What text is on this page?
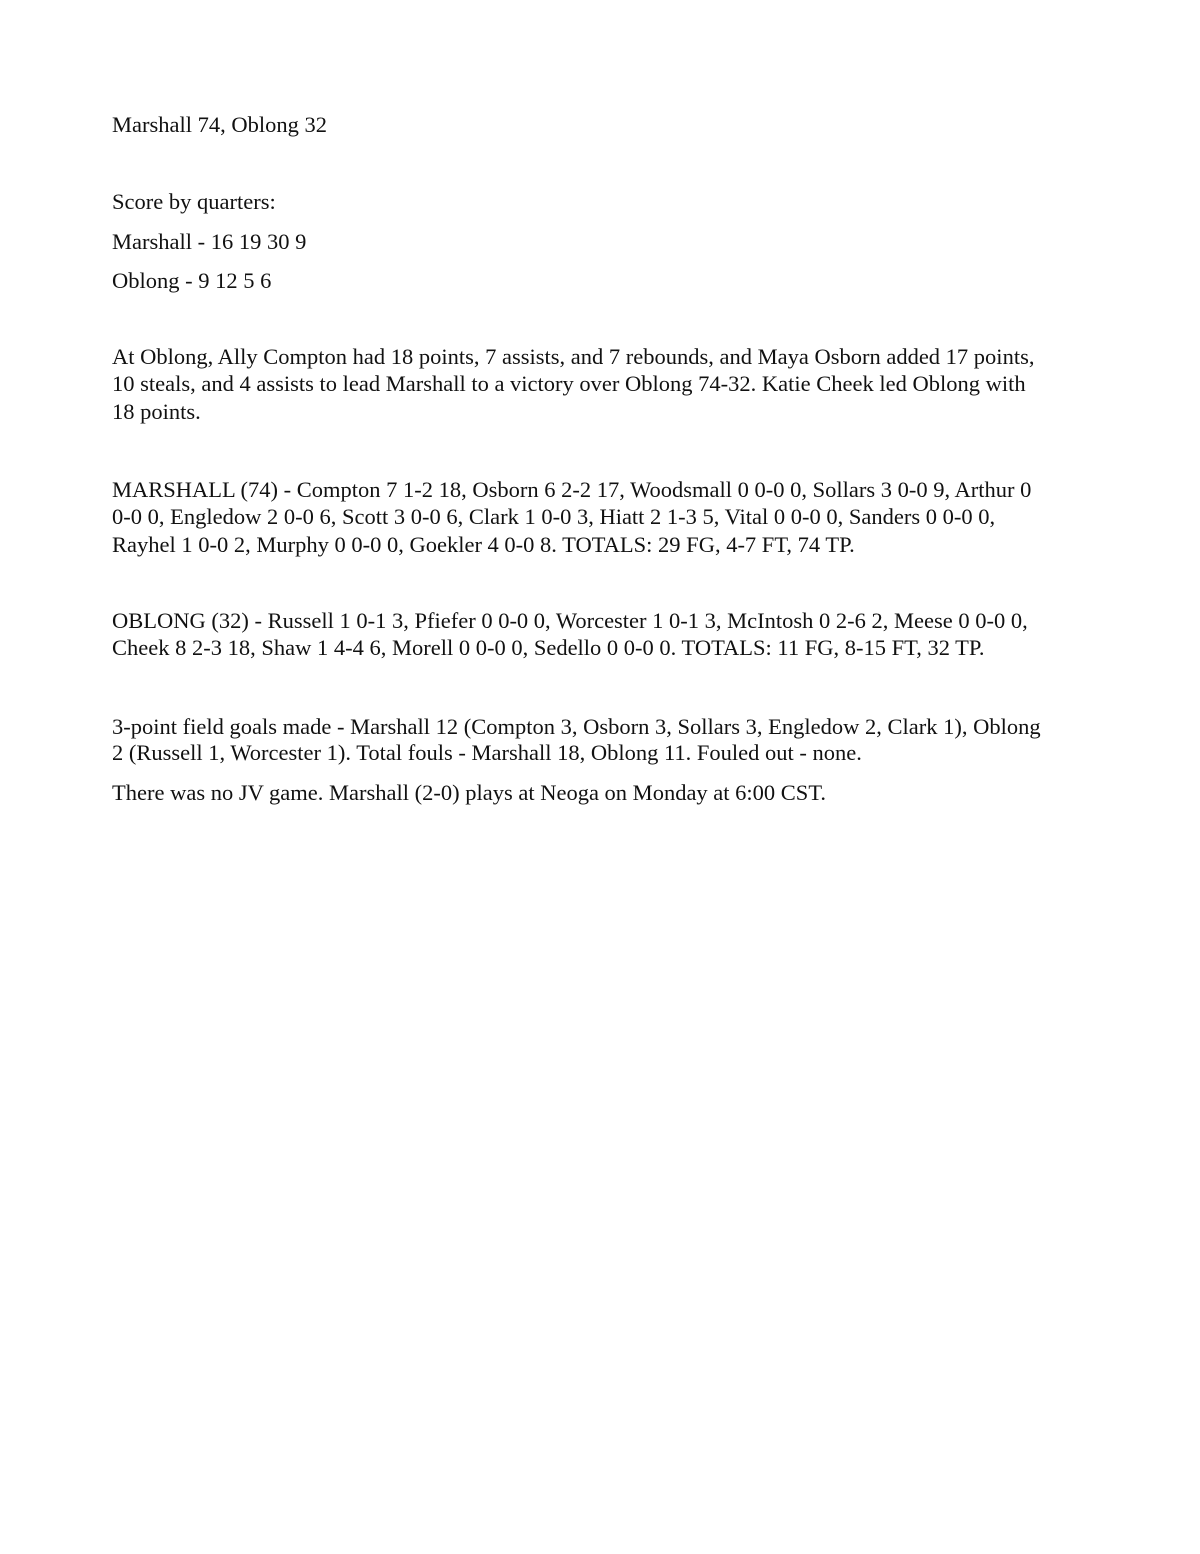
Marshall 74, Oblong 32
Score by quarters:
Marshall - 16 19 30 9
Oblong - 9 12 5 6
At Oblong, Ally Compton had 18 points, 7 assists, and 7 rebounds, and Maya Osborn added 17 points,
10 steals, and 4 assists to lead Marshall to a victory over Oblong 74-32. Katie Cheek led Oblong with
18 points.
MARSHALL (74) - Compton 7 1-2 18, Osborn 6 2-2 17, Woodsmall 0 0-0 0, Sollars 3 0-0 9, Arthur 0
0-0 0, Engledow 2 0-0 6, Scott 3 0-0 6, Clark 1 0-0 3, Hiatt 2 1-3 5, Vital 0 0-0 0, Sanders 0 0-0 0,
Rayhel 1 0-0 2, Murphy 0 0-0 0, Goekler 4 0-0 8. TOTALS: 29 FG, 4-7 FT, 74 TP.
OBLONG (32) - Russell 1 0-1 3, Pfiefer 0 0-0 0, Worcester 1 0-1 3, McIntosh 0 2-6 2, Meese 0 0-0 0,
Cheek 8 2-3 18, Shaw 1 4-4 6, Morell 0 0-0 0, Sedello 0 0-0 0. TOTALS: 11 FG, 8-15 FT, 32 TP.
3-point field goals made - Marshall 12 (Compton 3, Osborn 3, Sollars 3, Engledow 2, Clark 1), Oblong
2 (Russell 1, Worcester 1). Total fouls - Marshall 18, Oblong 11. Fouled out - none.
There was no JV game. Marshall (2-0) plays at Neoga on Monday at 6:00 CST.
